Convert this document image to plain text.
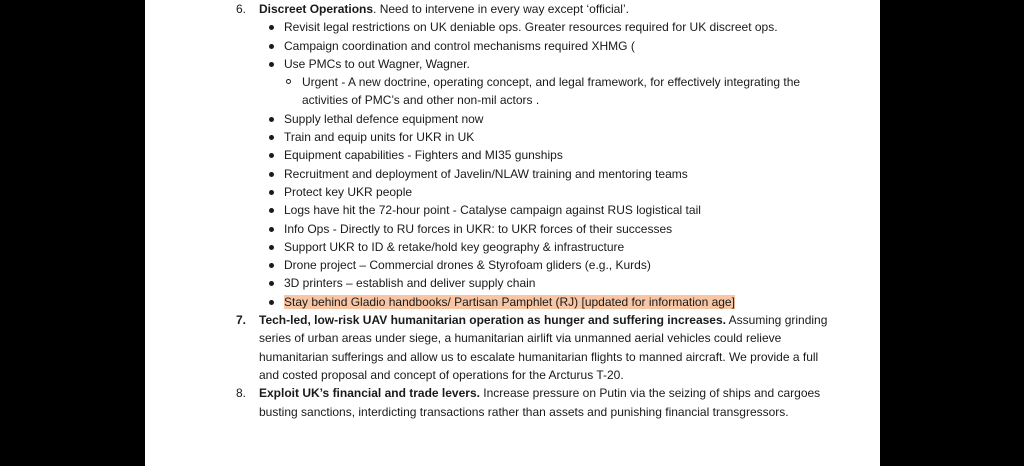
6. Discreet Operations. Need to intervene in every way except ‘official’.
Revisit legal restrictions on UK deniable ops. Greater resources required for UK discreet ops.
Campaign coordination and control mechanisms required XHMG (
Use PMCs to out Wagner, Wagner.
Urgent - A new doctrine, operating concept, and legal framework, for effectively integrating the activities of PMC’s and other non-mil actors .
Supply lethal defence equipment now
Train and equip units for UKR in UK
Equipment capabilities - Fighters and MI35 gunships
Recruitment and deployment of Javelin/NLAW training and mentoring teams
Protect key UKR people
Logs have hit the 72-hour point - Catalyse campaign against RUS logistical tail
Info Ops - Directly to RU forces in UKR: to UKR forces of their successes
Support UKR to ID & retake/hold key geography & infrastructure
Drone project – Commercial drones & Styrofoam gliders (e.g., Kurds)
3D printers – establish and deliver supply chain
Stay behind Gladio handbooks/ Partisan Pamphlet (RJ) [updated for information age]
7. Tech-led, low-risk UAV humanitarian operation as hunger and suffering increases. Assuming grinding series of urban areas under siege, a humanitarian airlift via unmanned aerial vehicles could relieve humanitarian sufferings and allow us to escalate humanitarian flights to manned aircraft. We provide a full and costed proposal and concept of operations for the Arcturus T-20.
8. Exploit UK’s financial and trade levers. Increase pressure on Putin via the seizing of ships and cargoes busting sanctions, interdicting transactions rather than assets and punishing financial transgressors.
